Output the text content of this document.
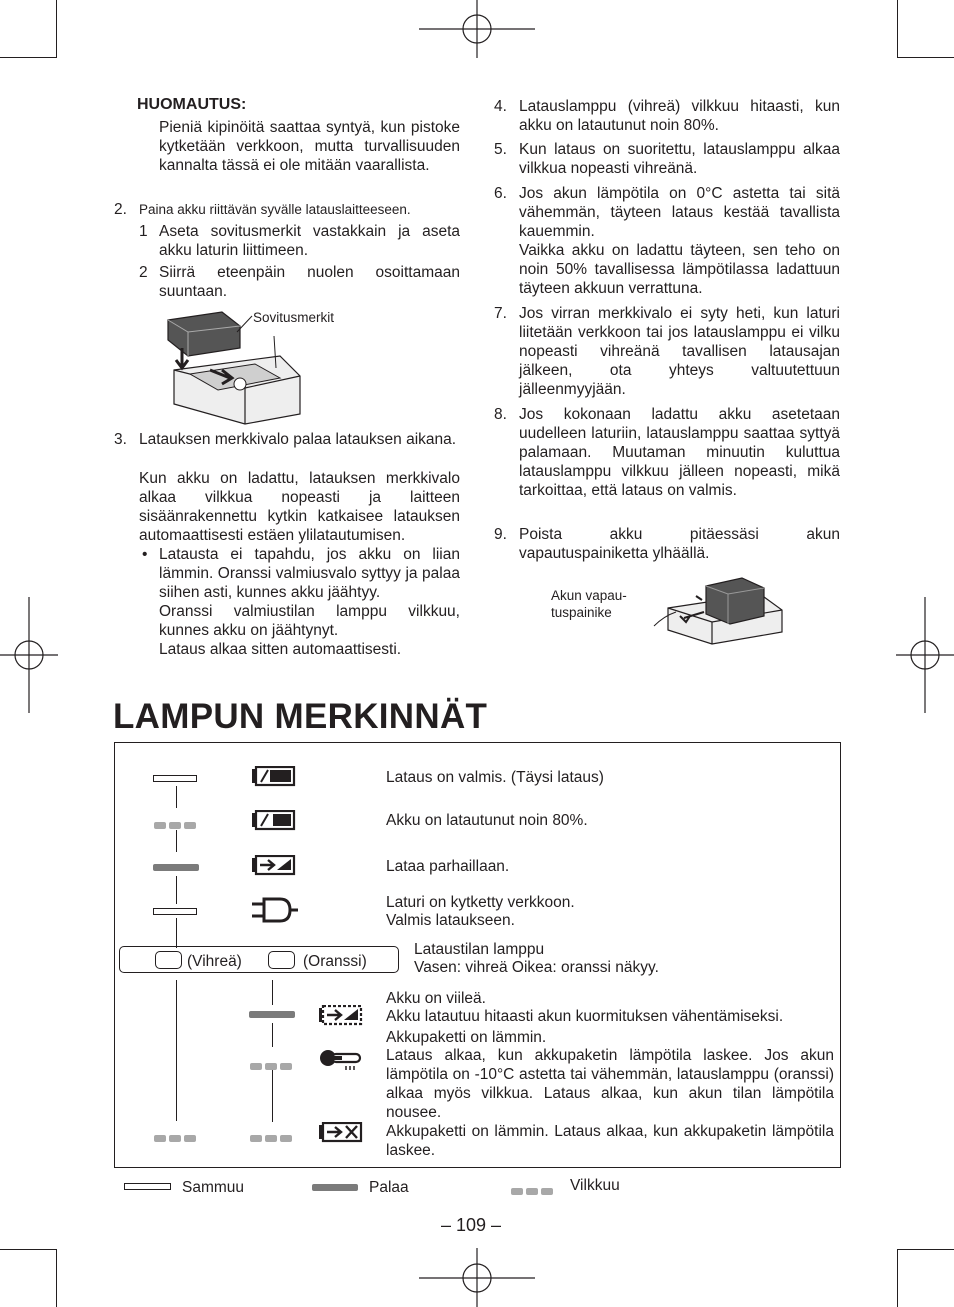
HUOMAUTUS:
Pieniä kipinöitä saattaa syntyä, kun pistoke kytketään verkkoon, mutta turvallisuuden kannalta tässä ei ole mitään vaarallista.
2. Paina akku riittävän syvälle latauslaitteeseen.
1 Aseta sovitusmerkit vastakkain ja aseta akku laturin liittimeen.
2 Siirrä eteenpäin nuolen osoittamaan suuntaan.
Sovitusmerkit
3. Latauksen merkkivalo palaa latauksen aikana.
Kun akku on ladattu, latauksen merkkivalo alkaa vilkkua nopeasti ja laitteen sisäänrakennettu kytkin katkaisee latauksen automaattisesti estäen ylilatautumisen.
• Latausta ei tapahdu, jos akku on liian lämmin. Oranssi valmiusvalo syttyy ja palaa siihen asti, kunnes akku jäähtyy.
Oranssi valmiustilan lamppu vilkkuu, kunnes akku on jäähtynyt.
Lataus alkaa sitten automaattisesti.
4. Latauslamppu (vihreä) vilkkuu hitaasti, kun akku on latautunut noin 80%.
5. Kun lataus on suoritettu, latauslamppu alkaa vilkkua nopeasti vihreänä.
6. Jos akun lämpötila on 0°C astetta tai sitä vähemmän, täyteen lataus kestää tavallista kauemmin.
Vaikka akku on ladattu täyteen, sen teho on noin 50% tavallisessa lämpötilassa ladattuun täyteen akkuun verrattuna.
7. Jos virran merkkivalo ei syty heti, kun laturi liitetään verkkoon tai jos latauslamppu ei vilku nopeasti vihreänä tavallisen latausajan jälkeen, ota yhteys valtuutettuun jälleenmyyjään.
8. Jos kokonaan ladattu akku asetetaan uudelleen laturiin, latauslamppu saattaa syttyä palamaan. Muutaman minuutin kuluttua latauslamppu vilkkuu jälleen nopeasti, mikä tarkoittaa, että lataus on valmis.
9. Poista akku pitäessäsi akun vapautuspainiketta ylhäällä.
Akun vapau-
tuspainike
LAMPUN MERKINNÄT
Lataus on valmis. (Täysi lataus)
Akku on latautunut noin 80%.
Lataa parhaillaan.
Laturi on kytketty verkkoon.
Valmis lataukseen.
(Vihreä)	(Oranssi)
Lataustilan lamppu
Vasen: vihreä Oikea: oranssi näkyy.
Akku on viileä.
Akku latautuu hitaasti akun kuormituksen vähentämiseksi.
Akkupaketti on lämmin.
Lataus alkaa, kun akkupaketin lämpötila laskee. Jos akun lämpötila on -10°C astetta tai vähemmän, latauslamppu (oranssi) alkaa myös vilkkua. Lataus alkaa, kun akun tilan lämpötila nousee.
Akkupaketti on lämmin. Lataus alkaa, kun akkupaketin lämpötila laskee.
Sammuu	Palaa	Vilkkuu
– 109 –
